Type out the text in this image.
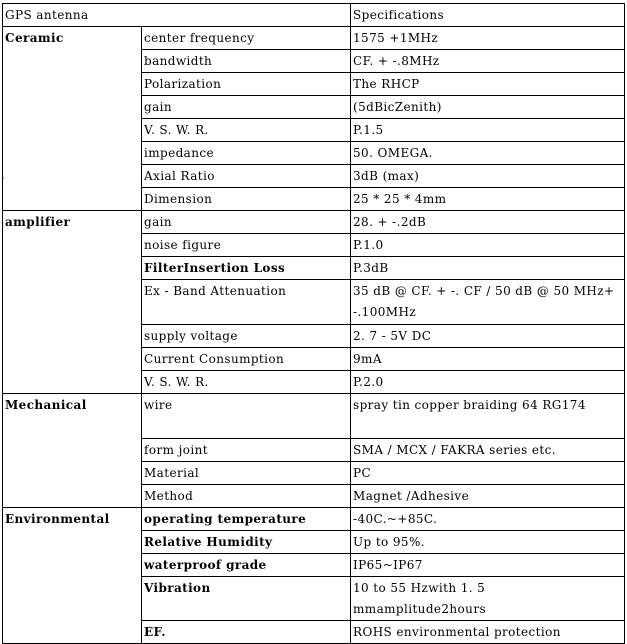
.
GPS antenna		Specifications
Ceramic	center frequency	1575 +1MHz
	bandwidth	CF. + -.8MHz
	Polarization	The RHCP
	gain	(5dBicZenith)
	V. S. W. R.	P.1.5
	impedance	50. OMEGA.
	Axial Ratio	3dB (max)
	Dimension	25 * 25 * 4mm
amplifier	gain	28. + -.2dB
	noise figure	P.1.0
	FilterInsertion Loss	P.3dB
	Ex - Band Attenuation	35 dB @ CF. + -. CF / 50 dB @ 50 MHz+ -.100MHz
	supply voltage	2. 7 - 5V DC
	Current Consumption	9mA
	V. S. W. R.	P.2.0
Mechanical	wire	spray tin copper braiding 64 RG174
	form joint	SMA / MCX / FAKRA series etc.
	Material	PC
	Method	Magnet /Adhesive
Environmental	operating temperature	-40C.~+85C.
	Relative Humidity	Up to 95%.
	waterproof grade	IP65~IP67
	Vibration	10 to 55 Hzwith 1. 5 mmamplitude2hours
	EF.	ROHS environmental protection
